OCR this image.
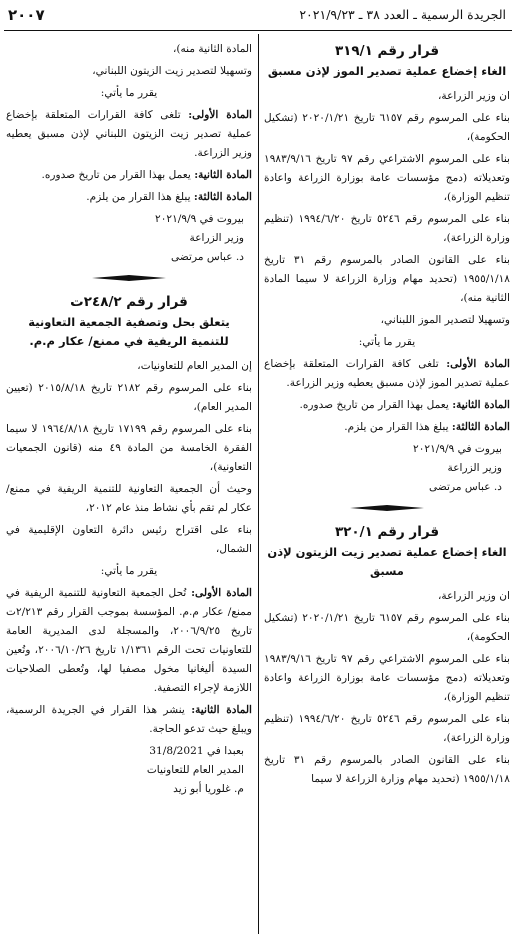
الجريدة الرسمية ـ العدد ٣٨ ـ ٢٠٢١/٩/٢٣
٢٠٠٧

قرار رقم ٣١٩/١

الغاء إخضاع عملية تصدير الموز لإذن مسبق

ان وزير الزراعة،

بناء على المرسوم رقم ٦١٥٧ تاريخ ٢٠٢٠/١/٢١ (تشكيل الحكومة)،

بناء على المرسوم الاشتراعي رقم ٩٧ تاريخ ١٩٨٣/٩/١٦ وتعديلاته (دمج مؤسسات عامة بوزارة الزراعة واعادة تنظيم الوزارة)،

بناء على المرسوم رقم ٥٢٤٦ تاريخ ١٩٩٤/٦/٢٠ (تنظيم وزارة الزراعة)،

بناء على القانون الصادر بالمرسوم رقم ٣١ تاريخ ١٩٥٥/١/١٨ (تحديد مهام وزارة الزراعة لا سيما المادة الثانية منه)،

وتسهيلا لتصدير الموز اللبناني،

يقرر ما يأتي:

المادة الأولى: تلغى كافة القرارات المتعلقة بإخضاع عملية تصدير الموز لإذن مسبق يعطيه وزير الزراعة.

المادة الثانية: يعمل بهذا القرار من تاريخ صدوره.

المادة الثالثة: يبلغ هذا القرار من يلزم.

بيروت في ٢٠٢١/٩/٩

وزير الزراعة

د. عباس مرتضى

قرار رقم ٣٢٠/١

الغاء إخضاع عملية تصدير زيت الزيتون لإذن مسبق

ان وزير الزراعة،

بناء على المرسوم رقم ٦١٥٧ تاريخ ٢٠٢٠/١/٢١ (تشكيل الحكومة)،

بناء على المرسوم الاشتراعي رقم ٩٧ تاريخ ١٩٨٣/٩/١٦ وتعديلاته (دمج مؤسسات عامة بوزارة الزراعة واعادة تنظيم الوزارة)،

بناء على المرسوم رقم ٥٢٤٦ تاريخ ١٩٩٤/٦/٢٠ (تنظيم وزارة الزراعة)،

بناء على القانون الصادر بالمرسوم رقم ٣١ تاريخ ١٩٥٥/١/١٨ (تحديد مهام وزارة الزراعة لا سيما

المادة الثانية منه)،

وتسهيلا لتصدير زيت الزيتون اللبناني،

يقرر ما يأتي:

المادة الأولى: تلغى كافة القرارات المتعلقة بإخضاع عملية تصدير زيت الزيتون اللبناني لإذن مسبق يعطيه وزير الزراعة.

المادة الثانية: يعمل بهذا القرار من تاريخ صدوره.

المادة الثالثة: يبلغ هذا القرار من يلزم.

بيروت في ٢٠٢١/٩/٩

وزير الزراعة

د. عباس مرتضى

قرار رقم ٢٤٨/٢ت

يتعلق بحل وتصفية الجمعية التعاونية

للتنمية الريفية في ممنع/ عكار م.م.

إن المدير العام للتعاونيات،

بناء على المرسوم رقم ٢١٨٢ تاريخ ٢٠١٥/٨/١٨ (تعيين المدير العام)،

بناء على المرسوم رقم ١٧١٩٩ تاريخ ١٩٦٤/٨/١٨ لا سيما الفقرة الخامسة من المادة ٤٩ منه (قانون الجمعيات التعاونية)،

وحيث أن الجمعية التعاونية للتنمية الريفية في ممنع/ عكار لم تقم بأي نشاط منذ عام ٢٠١٢،

بناء على اقتراح رئيس دائرة التعاون الإقليمية في الشمال،

يقرر ما يأتي:

المادة الأولى: تُحل الجمعية التعاونية للتنمية الريفية في ممنع/ عكار م.م. المؤسسة بموجب القرار رقم ٢/٢١٣ت تاريخ ٢٠٠٦/٩/٢٥، والمسجلة لدى المديرية العامة للتعاونيات تحت الرقم ١/١٣٦١ تاريخ ٢٠٠٦/١٠/٢٦، وتُعين السيدة أليغانيا مخول مصفيا لها، وتُعطى الصلاحيات اللازمة لإجراء التصفية.

المادة الثانية: ينشر هذا القرار في الجريدة الرسمية، ويبلغ حيث تدعو الحاجة.

بعبدا في 31/8/2021

المدير العام للتعاونيات

م. غلوريا أبو زيد
